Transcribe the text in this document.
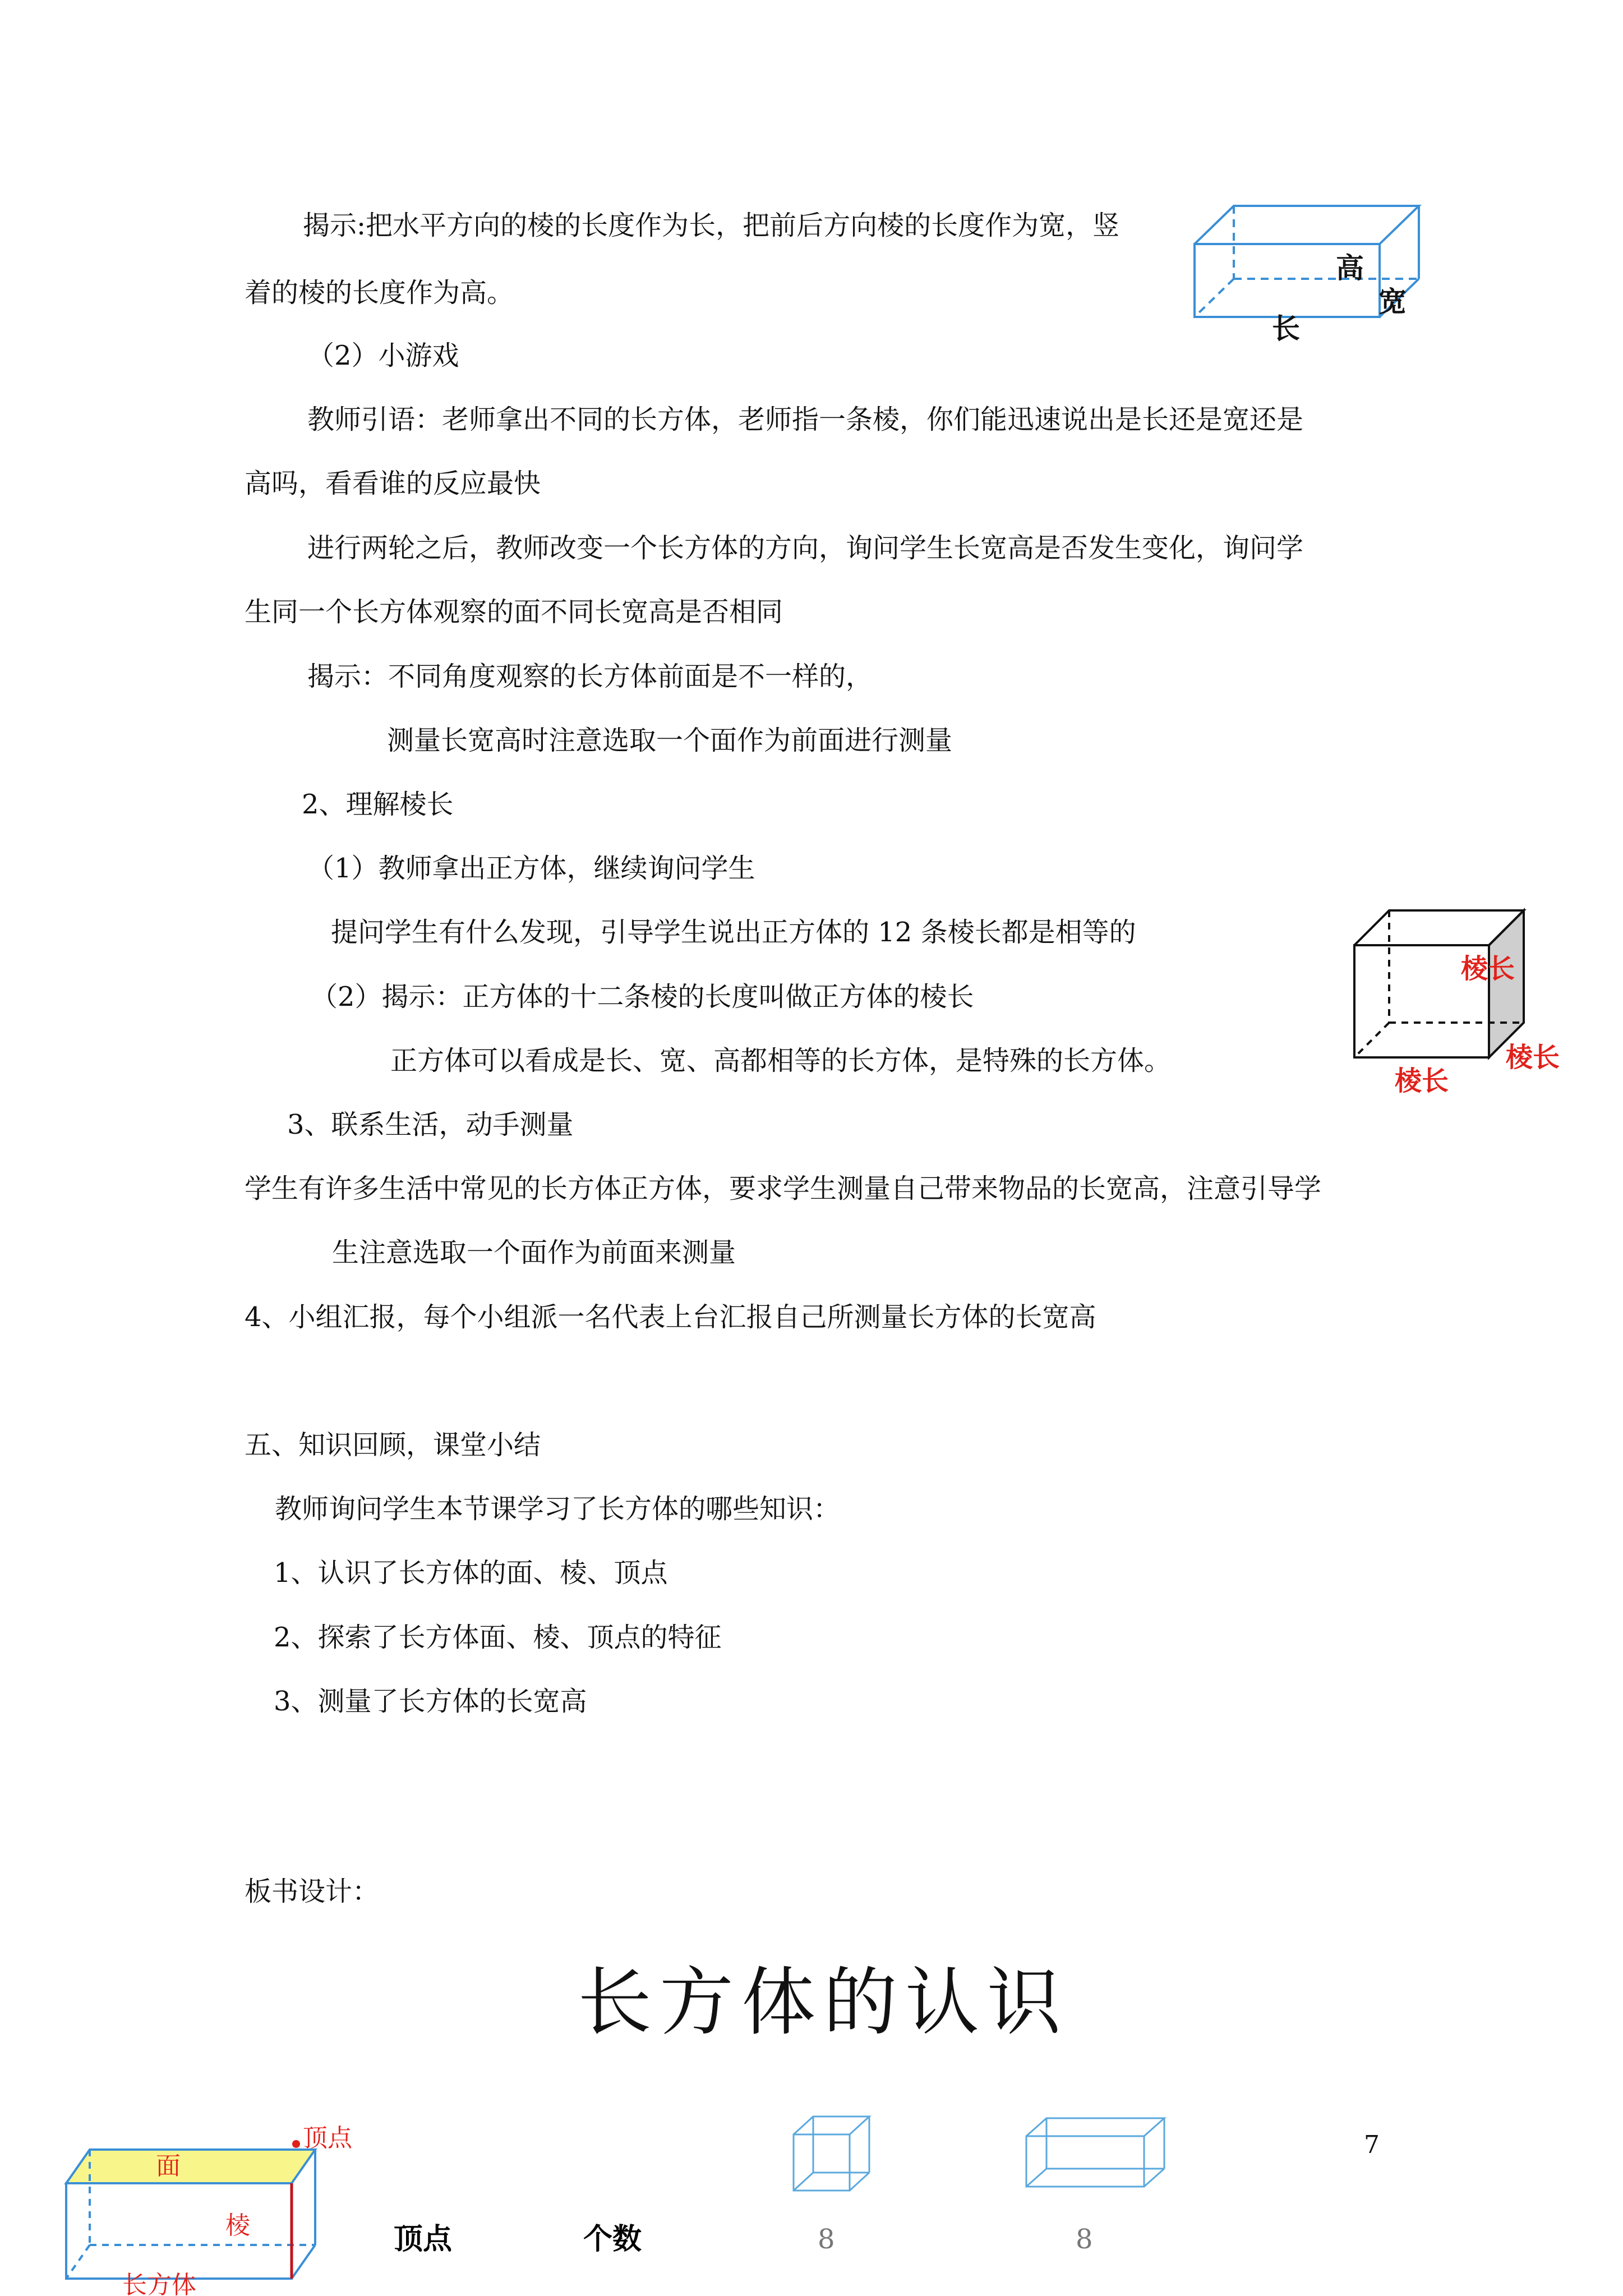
揭示:把水平方向的棱的长度作为长，把前后方向棱的长度作为宽，竖
着的棱的长度作为高。
高
宽
长
（2）小游戏
教师引语：老师拿出不同的长方体，老师指一条棱，你们能迅速说出是长还是宽还是
高吗，看看谁的反应最快
进行两轮之后，教师改变一个长方体的方向，询问学生长宽高是否发生变化，询问学
生同一个长方体观察的面不同长宽高是否相同
揭示：不同角度观察的长方体前面是不一样的，
测量长宽高时注意选取一个面作为前面进行测量
2、理解棱长
（1）教师拿出正方体，继续询问学生
提问学生有什么发现，引导学生说出正方体的 12 条棱长都是相等的
棱长
棱长
棱长
（2）揭示：正方体的十二条棱的长度叫做正方体的棱长
正方体可以看成是长、宽、高都相等的长方体，是特殊的长方体。
3、联系生活，动手测量
学生有许多生活中常见的长方体正方体，要求学生测量自己带来物品的长宽高，注意引导学
生注意选取一个面作为前面来测量
4、小组汇报，每个小组派一名代表上台汇报自己所测量长方体的长宽高
五、知识回顾，课堂小结
教师询问学生本节课学习了长方体的哪些知识：
1、认识了长方体的面、棱、顶点
2、探索了长方体面、棱、顶点的特征
3、测量了长方体的长宽高
板书设计：
长方体的认识
面
顶点
棱
长方体
7
顶点	个数	8	8
